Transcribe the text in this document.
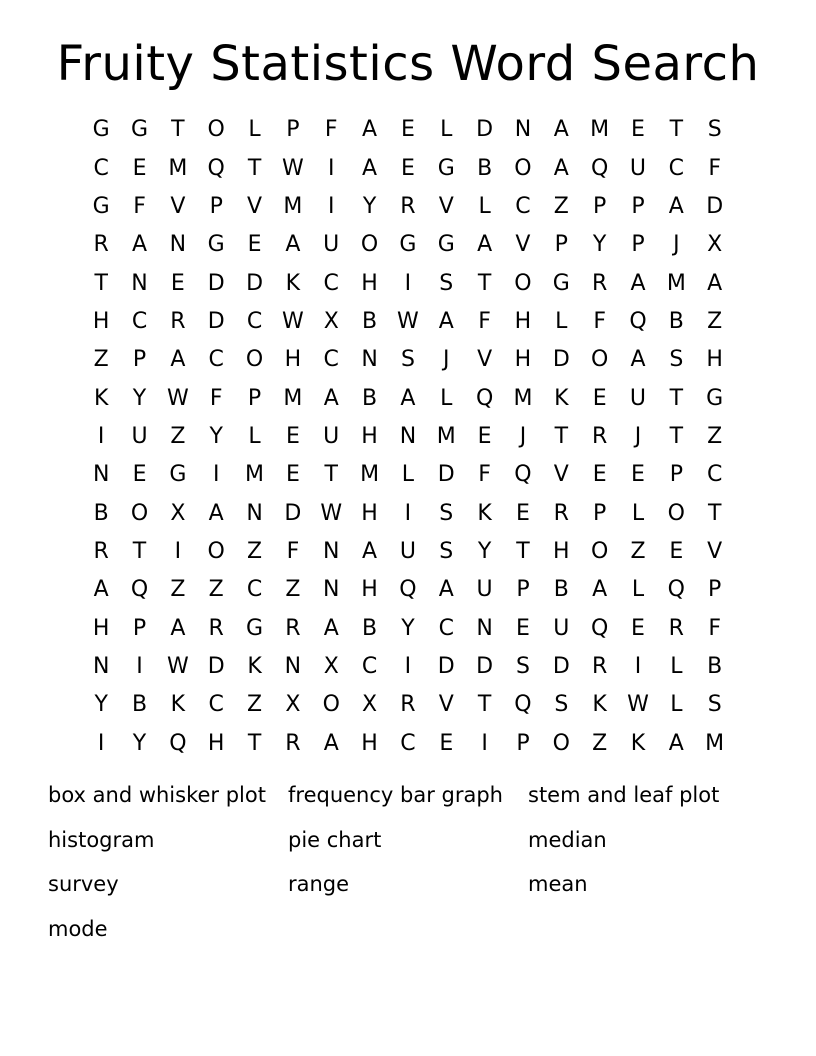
Fruity Statistics Word Search
G G	T	O	L	P	F	A	E	L	D N	A M E	T	S
C	E M Q	T W	I	A	E	G	B	O	A	Q U	C	F
G	F	V	P	V M	I	Y	R	V	L	C	Z	P	P	A	D
R	A	N G	E	A	U O G G	A	V	P	Y	P	J	X
T	N	E	D D	K	C	H	I	S	T	O G	R	A M A
H	C	R	D	C W X	B W A	F	H	L	F	Q	B	Z
Z	P	A	C O H	C	N	S	J	V	H D O	A	S	H
K	Y W F	P	M A	B	A	L	Q M K	E	U	T	G
I	U	Z	Y	L	E	U	H N M E	J	T	R	J	T	Z
N	E	G	I	M E	T	M	L	D	F	Q	V	E	E	P	C
B	O	X	A	N D W H	I	S	K	E	R	P	L	O	T
R	T	I	O	Z	F	N	A	U	S	Y	T	H O	Z	E	V
A	Q	Z	Z	C	Z	N H Q	A	U	P	B	A	L	Q	P
H	P	A	R	G	R	A	B	Y	C	N	E	U Q	E	R	F
N	I	W D	K	N	X	C	I	D D	S	D	R	I	L	B
Y	B	K	C	Z	X	O	X	R	V	T	Q	S	K W L	S
I	Y	Q H	T	R	A	H	C	E	I	P	O	Z	K	A M
box and whisker plot	frequency bar graph	stem and leaf plot
histogram	pie chart	median
survey	range	mean
mode
